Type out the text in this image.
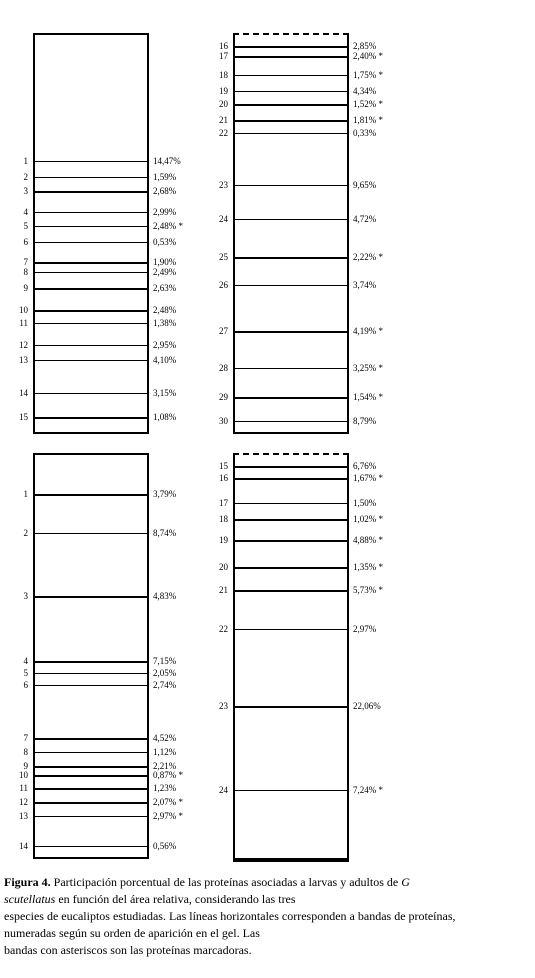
1	14,47%
2	1,59%
3	2,68%
4	2,99%
5	2,48% *
6	0,53%
7	1,90%
8	2,49%
9	2,63%
10	2,48%
11	1,38%
12	2,95%
13	4,10%
14	3,15%
15	1,08%
16	2,85%
17	2,40% *
18	1,75% *
19	4,34%
20	1,52% *
21	1,81% *
22	0,33%
23	9,65%
24	4,72%
25	2,22% *
26	3,74%
27	4,19% *
28	3,25% *
29	1,54% *
30	8,79%
1	3,79%
2	8,74%
3	4,83%
4	7,15%
5	2,05%
6	2,74%
7	4,52%
8	1,12%
9	2,21%
10	0,87% *
11	1,23%
12	2,07% *
13	2,97% *
14	0,56%
15	6,76%
16	1,67% *
17	1,50%
18	1,02% *
19	4,88% *
20	1,35% *
21	5,73% *
22	2,97%
23	22,06%
24	7,24% *

Figura 4. Participación porcentual de las proteínas asociadas a larvas y adultos de G

scutellatus en función del área relativa, considerando las tres

especies de eucaliptos estudiadas. Las líneas horizontales corresponden a bandas de proteínas,

numeradas según su orden de aparición en el gel. Las

bandas con asteriscos son las proteínas marcadoras.
